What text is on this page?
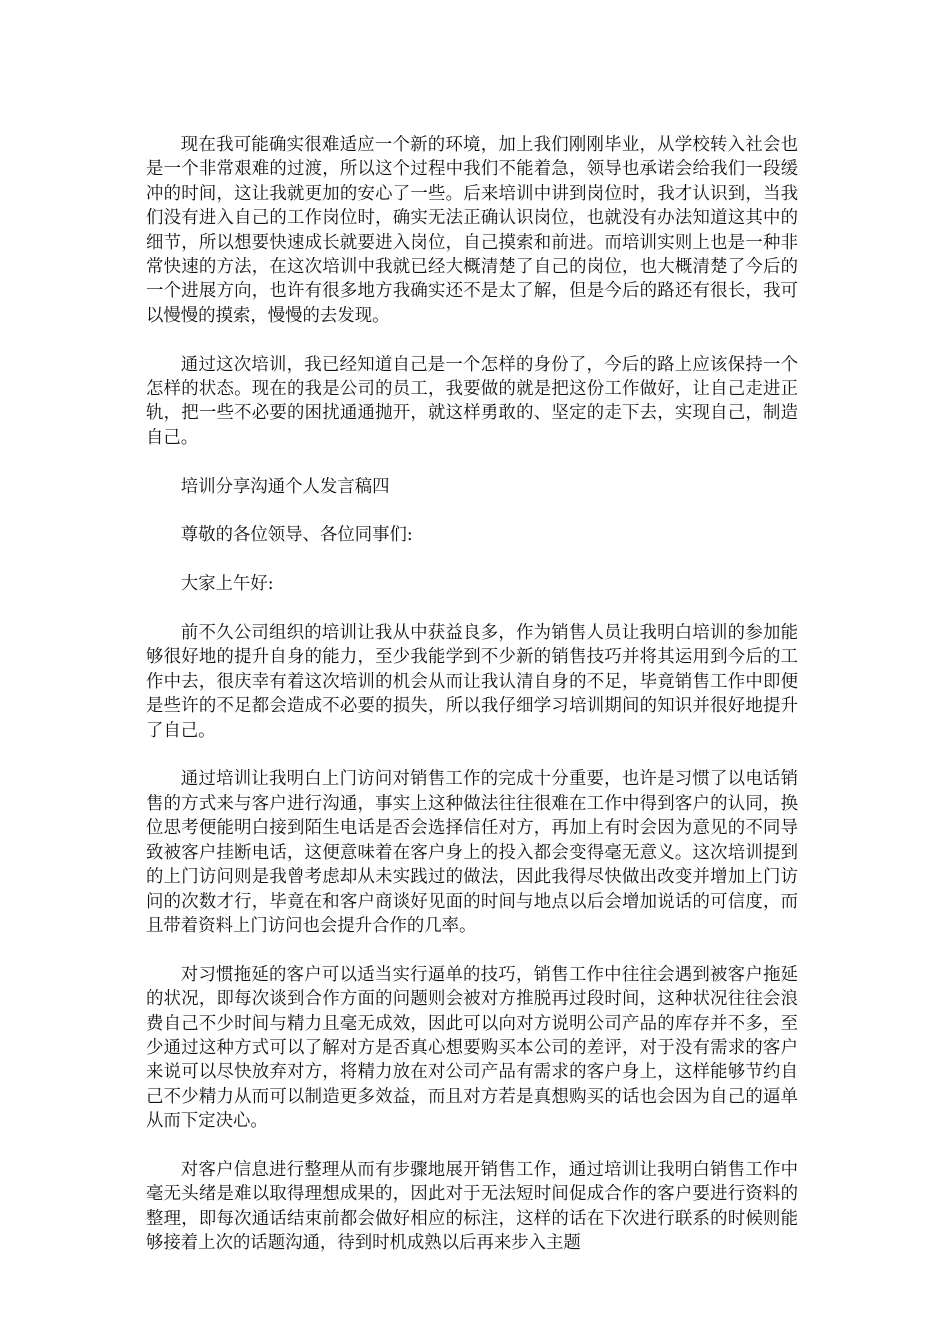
现在我可能确实很难适应一个新的环境，加上我们刚刚毕业，从学校转入社会也是一个非常艰难的过渡，所以这个过程中我们不能着急，领导也承诺会给我们一段缓冲的时间，这让我就更加的安心了一些。后来培训中讲到岗位时，我才认识到，当我们没有进入自己的工作岗位时，确实无法正确认识岗位，也就没有办法知道这其中的细节，所以想要快速成长就要进入岗位，自己摸索和前进。而培训实则上也是一种非常快速的方法，在这次培训中我就已经大概清楚了自己的岗位，也大概清楚了今后的一个进展方向，也许有很多地方我确实还不是太了解，但是今后的路还有很长，我可以慢慢的摸索，慢慢的去发现。

通过这次培训，我已经知道自己是一个怎样的身份了，今后的路上应该保持一个怎样的状态。现在的我是公司的员工，我要做的就是把这份工作做好，让自己走进正轨，把一些不必要的困扰通通抛开，就这样勇敢的、坚定的走下去，实现自己，制造自己。

培训分享沟通个人发言稿四

尊敬的各位领导、各位同事们:

大家上午好:

前不久公司组织的培训让我从中获益良多，作为销售人员让我明白培训的参加能够很好地的提升自身的能力，至少我能学到不少新的销售技巧并将其运用到今后的工作中去，很庆幸有着这次培训的机会从而让我认清自身的不足，毕竟销售工作中即便是些许的不足都会造成不必要的损失，所以我仔细学习培训期间的知识并很好地提升了自己。

通过培训让我明白上门访问对销售工作的完成十分重要，也许是习惯了以电话销售的方式来与客户进行沟通，事实上这种做法往往很难在工作中得到客户的认同，换位思考便能明白接到陌生电话是否会选择信任对方，再加上有时会因为意见的不同导致被客户挂断电话，这便意味着在客户身上的投入都会变得毫无意义。这次培训提到的上门访问则是我曾考虑却从未实践过的做法，因此我得尽快做出改变并增加上门访问的次数才行，毕竟在和客户商谈好见面的时间与地点以后会增加说话的可信度，而且带着资料上门访问也会提升合作的几率。

对习惯拖延的客户可以适当实行逼单的技巧，销售工作中往往会遇到被客户拖延的状况，即每次谈到合作方面的问题则会被对方推脱再过段时间，这种状况往往会浪费自己不少时间与精力且毫无成效，因此可以向对方说明公司产品的库存并不多，至少通过这种方式可以了解对方是否真心想要购买本公司的差评，对于没有需求的客户来说可以尽快放弃对方，将精力放在对公司产品有需求的客户身上，这样能够节约自己不少精力从而可以制造更多效益，而且对方若是真想购买的话也会因为自己的逼单从而下定决心。

对客户信息进行整理从而有步骤地展开销售工作，通过培训让我明白销售工作中毫无头绪是难以取得理想成果的，因此对于无法短时间促成合作的客户要进行资料的整理，即每次通话结束前都会做好相应的标注，这样的话在下次进行联系的时候则能够接着上次的话题沟通，待到时机成熟以后再来步入主题
